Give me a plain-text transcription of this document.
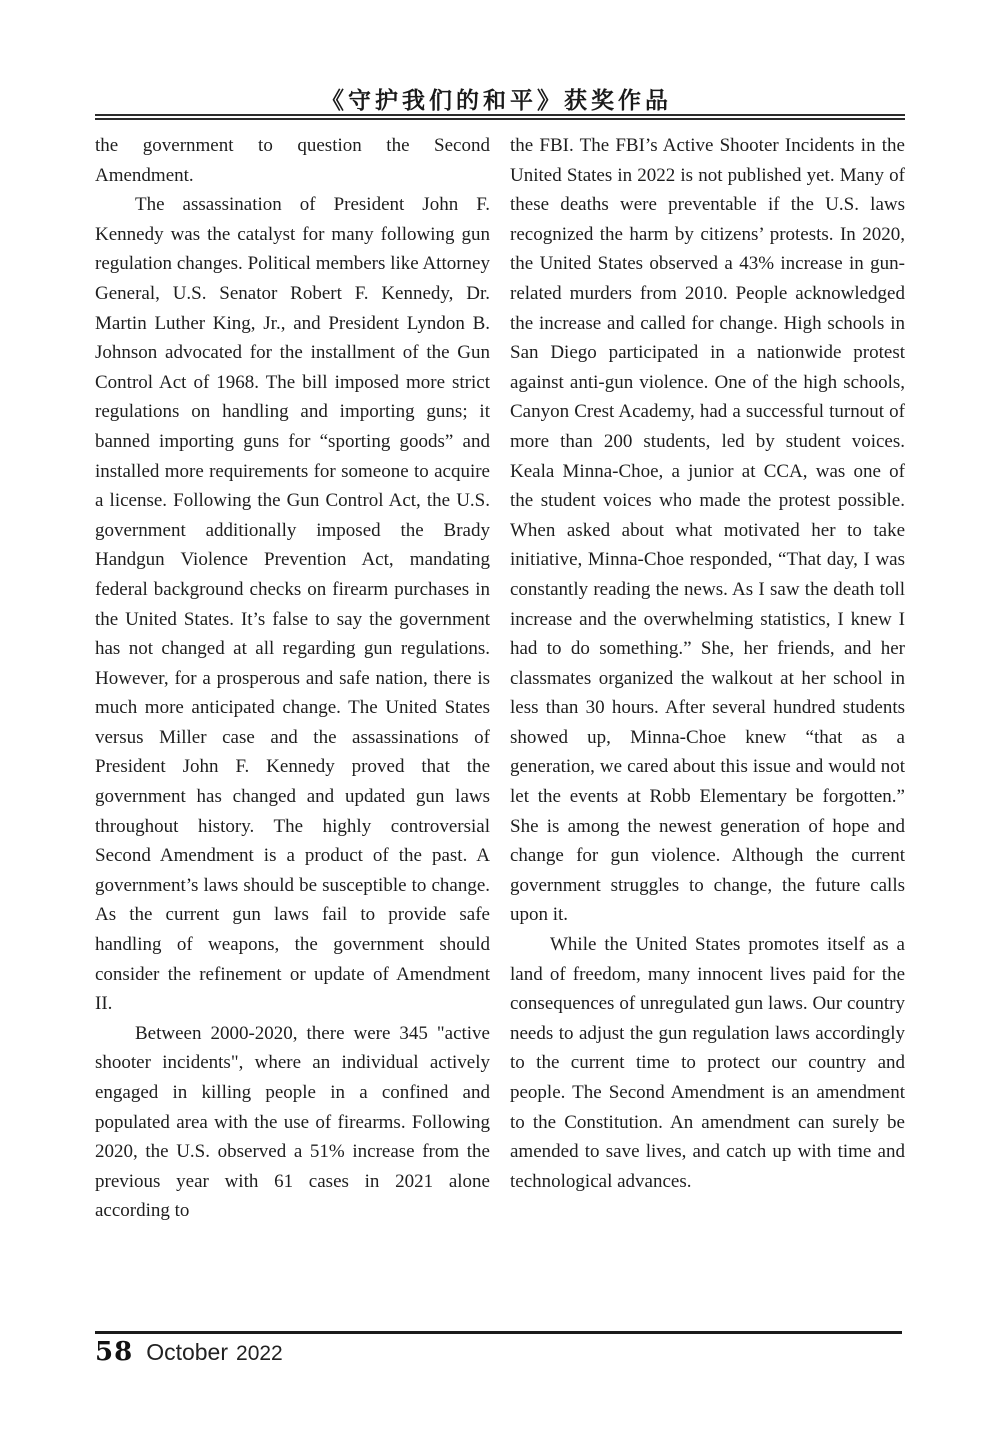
《守护我们的和平》获奖作品

the government to question the Second Amendment.

The assassination of President John F. Kennedy was the catalyst for many following gun regulation changes. Political members like Attorney General, U.S. Senator Robert F. Kennedy, Dr. Martin Luther King, Jr., and President Lyndon B. Johnson advocated for the installment of the Gun Control Act of 1968. The bill imposed more strict regulations on handling and importing guns; it banned importing guns for “sporting goods” and installed more requirements for someone to acquire a license. Following the Gun Control Act, the U.S. government additionally imposed the Brady Handgun Violence Prevention Act, mandating federal background checks on firearm purchases in the United States. It’s false to say the government has not changed at all regarding gun regulations. However, for a prosperous and safe nation, there is much more anticipated change. The United States versus Miller case and the assassinations of President John F. Kennedy proved that the government has changed and updated gun laws throughout history. The highly controversial Second Amendment is a product of the past. A government’s laws should be susceptible to change. As the current gun laws fail to provide safe handling of weapons, the government should consider the refinement or update of Amendment II.

Between 2000-2020, there were 345 "active shooter incidents", where an individual actively engaged in killing people in a confined and populated area with the use of firearms. Following 2020, the U.S. observed a 51% increase from the previous year with 61 cases in 2021 alone according to

the FBI. The FBI’s Active Shooter Incidents in the United States in 2022 is not published yet. Many of these deaths were preventable if the U.S. laws recognized the harm by citizens’ protests. In 2020, the United States observed a 43% increase in gun-related murders from 2010. People acknowledged the increase and called for change. High schools in San Diego participated in a nationwide protest against anti-gun violence. One of the high schools, Canyon Crest Academy, had a successful turnout of more than 200 students, led by student voices. Keala Minna-Choe, a junior at CCA, was one of the student voices who made the protest possible. When asked about what motivated her to take initiative, Minna-Choe responded, “That day, I was constantly reading the news. As I saw the death toll increase and the overwhelming statistics, I knew I had to do something.” She, her friends, and her classmates organized the walkout at her school in less than 30 hours. After several hundred students showed up, Minna-Choe knew “that as a generation, we cared about this issue and would not let the events at Robb Elementary be forgotten.” She is among the newest generation of hope and change for gun violence. Although the current government struggles to change, the future calls upon it.

While the United States promotes itself as a land of freedom, many innocent lives paid for the consequences of unregulated gun laws. Our country needs to adjust the gun regulation laws accordingly to the current time to protect our country and people. The Second Amendment is an amendment to the Constitution. An amendment can surely be amended to save lives, and catch up with time and technological advances.

58 October 2022
